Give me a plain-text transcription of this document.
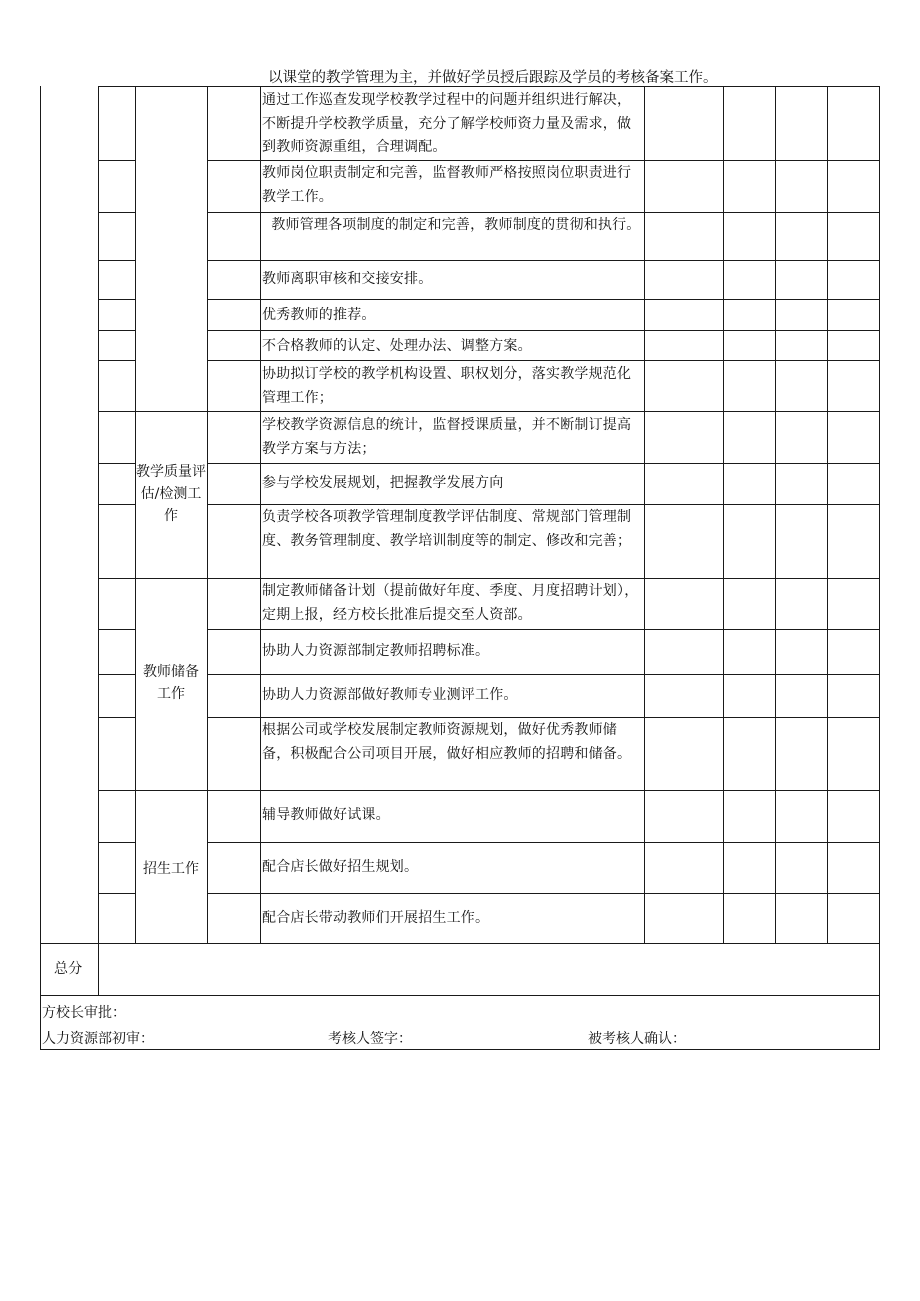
以课堂的教学管理为主，并做好学员授后跟踪及学员的考核备案工作。
通过工作巡查发现学校教学过程中的问题并组织进行解决，不断提升学校教学质量，充分了解学校师资力量及需求，做到教师资源重组，合理调配。
教师岗位职责制定和完善，监督教师严格按照岗位职责进行教学工作。
教师管理各项制度的制定和完善，教师制度的贯彻和执行。
教师离职审核和交接安排。
优秀教师的推荐。
不合格教师的认定、处理办法、调整方案。
协助拟订学校的教学机构设置、职权划分，落实教学规范化管理工作；
学校教学资源信息的统计，监督授课质量，并不断制订提高教学方案与方法；
参与学校发展规划，把握教学发展方向
负责学校各项教学管理制度教学评估制度、常规部门管理制度、教务管理制度、教学培训制度等的制定、修改和完善；
制定教师储备计划（提前做好年度、季度、月度招聘计划），定期上报，经方校长批准后提交至人资部。
协助人力资源部制定教师招聘标准。
协助人力资源部做好教师专业测评工作。
根据公司或学校发展制定教师资源规划，做好优秀教师储备，积极配合公司项目开展，做好相应教师的招聘和储备。
辅导教师做好试课。
配合店长做好招生规划。
配合店长带动教师们开展招生工作。
教学质量评估/检测工作
教师储备工作
招生工作
总分
方校长审批：
人力资源部初审：	考核人签字：	被考核人确认：
